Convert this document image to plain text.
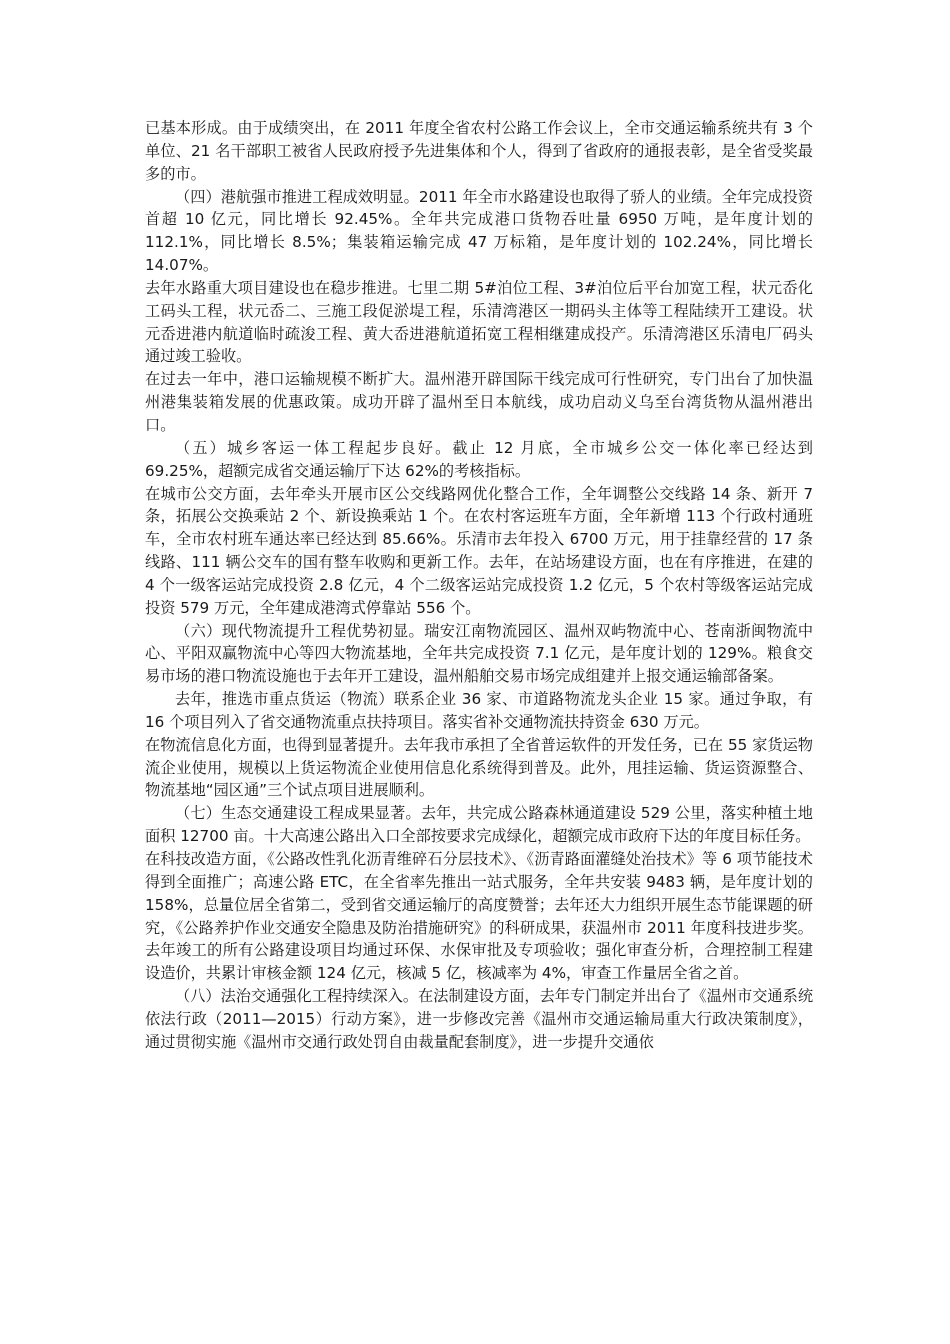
已基本形成。由于成绩突出，在 2011 年度全省农村公路工作会议上，全市交通运输系统共有 3 个单位、21 名干部职工被省人民政府授予先进集体和个人，得到了省政府的通报表彰，是全省受奖最多的市。

（四）港航强市推进工程成效明显。2011 年全市水路建设也取得了骄人的业绩。全年完成投资首超 10 亿元，同比增长 92.45%。全年共完成港口货物吞吐量 6950 万吨，是年度计划的 112.1%，同比增长 8.5%；集装箱运输完成 47 万标箱，是年度计划的 102.24%，同比增长 14.07%。

去年水路重大项目建设也在稳步推进。七里二期 5#泊位工程、3#泊位后平台加宽工程，状元岙化工码头工程，状元岙二、三施工段促淤堤工程，乐清湾港区一期码头主体等工程陆续开工建设。状元岙进港内航道临时疏浚工程、黄大岙进港航道拓宽工程相继建成投产。乐清湾港区乐清电厂码头通过竣工验收。

在过去一年中，港口运输规模不断扩大。温州港开辟国际干线完成可行性研究，专门出台了加快温州港集装箱发展的优惠政策。成功开辟了温州至日本航线，成功启动义乌至台湾货物从温州港出口。

（五）城乡客运一体工程起步良好。截止 12 月底，全市城乡公交一体化率已经达到 69.25%，超额完成省交通运输厅下达 62%的考核指标。

在城市公交方面，去年牵头开展市区公交线路网优化整合工作，全年调整公交线路 14 条、新开 7 条，拓展公交换乘站 2 个、新设换乘站 1 个。在农村客运班车方面，全年新增 113 个行政村通班车，全市农村班车通达率已经达到 85.66%。乐清市去年投入 6700 万元，用于挂靠经营的 17 条线路、111 辆公交车的国有整车收购和更新工作。去年，在站场建设方面，也在有序推进，在建的 4 个一级客运站完成投资 2.8 亿元，4 个二级客运站完成投资 1.2 亿元，5 个农村等级客运站完成投资 579 万元，全年建成港湾式停靠站 556 个。

（六）现代物流提升工程优势初显。瑞安江南物流园区、温州双屿物流中心、苍南浙闽物流中心、平阳双赢物流中心等四大物流基地，全年共完成投资 7.1 亿元，是年度计划的 129%。粮食交易市场的港口物流设施也于去年开工建设，温州船舶交易市场完成组建并上报交通运输部备案。

去年，推选市重点货运（物流）联系企业 36 家、市道路物流龙头企业 15 家。通过争取，有 16 个项目列入了省交通物流重点扶持项目。落实省补交通物流扶持资金 630 万元。

在物流信息化方面，也得到显著提升。去年我市承担了全省普运软件的开发任务，已在 55 家货运物流企业使用，规模以上货运物流企业使用信息化系统得到普及。此外，甩挂运输、货运资源整合、物流基地“园区通”三个试点项目进展顺利。

（七）生态交通建设工程成果显著。去年，共完成公路森林通道建设 529 公里，落实种植土地面积 12700 亩。十大高速公路出入口全部按要求完成绿化，超额完成市政府下达的年度目标任务。

在科技改造方面，《公路改性乳化沥青维碎石分层技术》、《沥青路面灌缝处治技术》等 6 项节能技术得到全面推广；高速公路 ETC，在全省率先推出一站式服务，全年共安装 9483 辆，是年度计划的 158%，总量位居全省第二，受到省交通运输厅的高度赞誉；去年还大力组织开展生态节能课题的研究，《公路养护作业交通安全隐患及防治措施研究》的科研成果，获温州市 2011 年度科技进步奖。去年竣工的所有公路建设项目均通过环保、水保审批及专项验收；强化审查分析，合理控制工程建设造价，共累计审核金额 124 亿元，核减 5 亿，核减率为 4%，审查工作量居全省之首。

（八）法治交通强化工程持续深入。在法制建设方面，去年专门制定并出台了《温州市交通系统依法行政（2011—2015）行动方案》，进一步修改完善《温州市交通运输局重大行政决策制度》，通过贯彻实施《温州市交通行政处罚自由裁量配套制度》，进一步提升交通依
